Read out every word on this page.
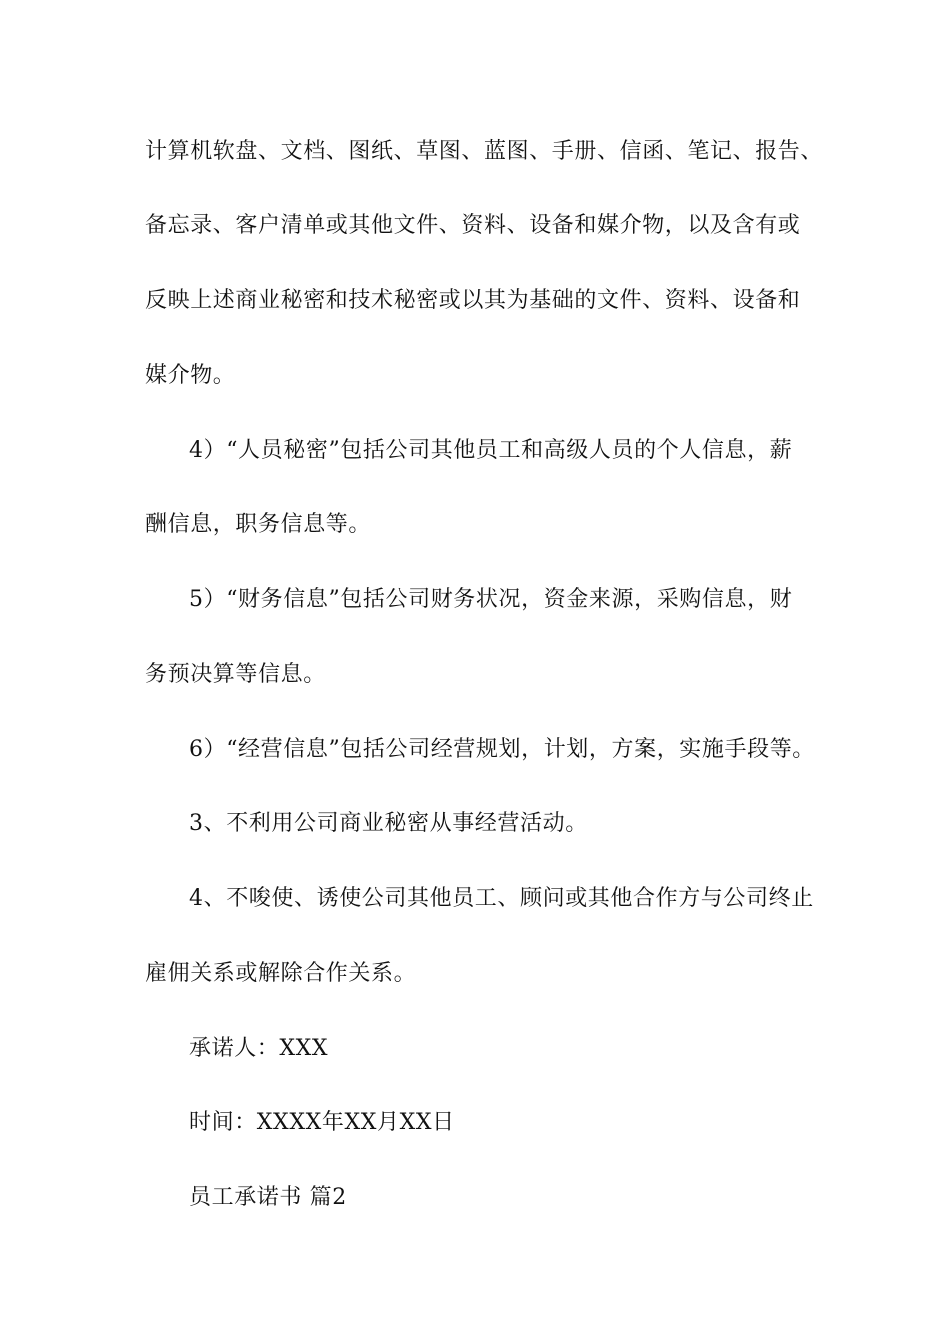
计算机软盘、文档、图纸、草图、蓝图、手册、信函、笔记、报告、
备忘录、客户清单或其他文件、资料、设备和媒介物，以及含有或
反映上述商业秘密和技术秘密或以其为基础的文件、资料、设备和
媒介物。
4）“人员秘密”包括公司其他员工和高级人员的个人信息，薪
酬信息，职务信息等。
5）“财务信息”包括公司财务状况，资金来源，采购信息，财
务预决算等信息。
6）“经营信息”包括公司经营规划，计划，方案，实施手段等。
3、不利用公司商业秘密从事经营活动。
4、不唆使、诱使公司其他员工、顾问或其他合作方与公司终止
雇佣关系或解除合作关系。
承诺人：XXX
时间：XXXX年XX月XX日
员工承诺书 篇2
